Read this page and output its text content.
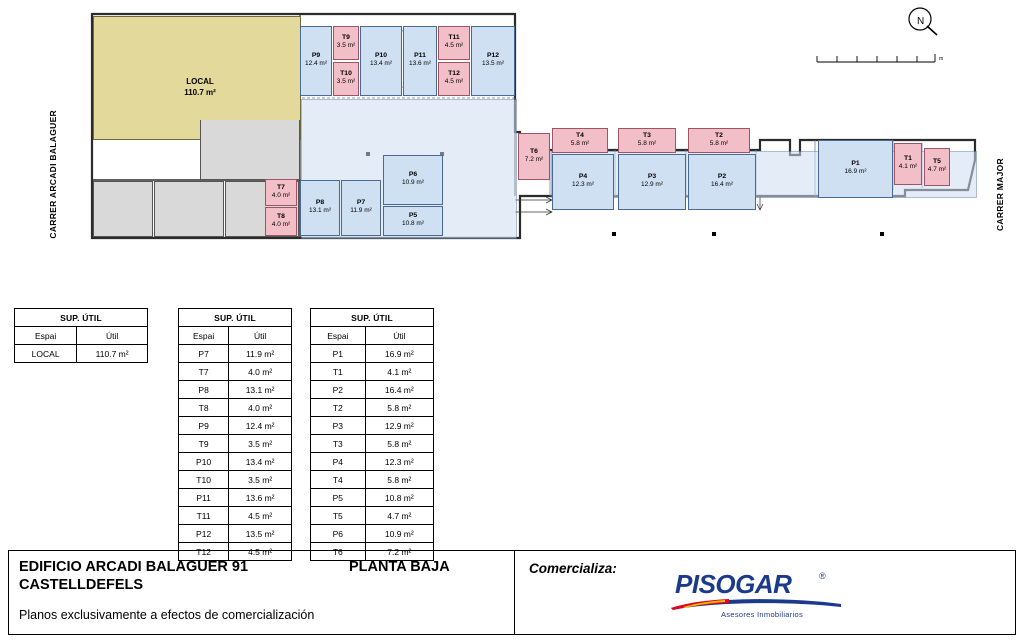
CARRER ARCADI BALAGUER	CARRER MAJOR
N
m
LOCAL
110.7 m²
T9
3.5 m²
T10
3.5 m²
P9
12.4 m²
P10
13.4 m²
P11
13.6 m²
T11
4.5 m²
T12
4.5 m²
P12
13.5 m²
T7
4.0 m²
T8
4.0 m²
P8
13.1 m²
P7
11.9 m²
P6
10.9 m²
P5
10.8 m²
T6
7.2 m²
T4
5.8 m²
T3
5.8 m²
T2
5.8 m²
P4
12.3 m²
P3
12.9 m²
P2
16.4 m²
P1
16.9 m²
T1
4.1 m²
T5
4.7 m²
SUP. ÚTIL	
Espai	Útil
LOCAL	110.7 m²
SUP. ÚTIL	
Espai	Útil
P7	11.9 m²
T7	4.0 m²
P8	13.1 m²
T8	4.0 m²
P9	12.4 m²
T9	3.5 m²
P10	13.4 m²
T10	3.5 m²
P11	13.6 m²
T11	4.5 m²
P12	13.5 m²
T12	4.5 m²
SUP. ÚTIL	
Espai	Útil
P1	16.9 m²
T1	4.1 m²
P2	16.4 m²
T2	5.8 m²
P3	12.9 m²
T3	5.8 m²
P4	12.3 m²
T4	5.8 m²
P5	10.8 m²
T5	4.7 m²
P6	10.9 m²
T6	7.2 m²
EDIFICIO ARCADI BALAGUER 91
CASTELLDEFELS
PLANTA BAJA
Planos exclusivamente a efectos de comercialización
Comercializa:
PISOGAR	®
Asesores Inmobiliarios
